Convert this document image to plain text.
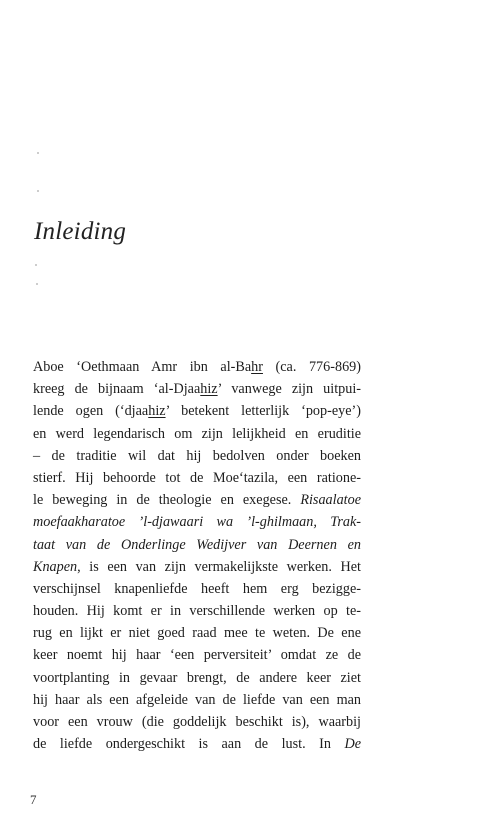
Inleiding
Aboe ‘Oethmaan Amr ibn al-Bahr (ca. 776-869)
kreeg de bijnaam ‘al-Djaahiz’ vanwege zijn uitpui-
lende ogen (‘djaahiz’ betekent letterlijk ‘pop-eye’)
en werd legendarisch om zijn lelijkheid en eruditie
– de traditie wil dat hij bedolven onder boeken
stierf. Hij behoorde tot de Moe‘tazila, een ratione-
le beweging in de theologie en exegese. Risaalatoe
moefaakharatoe ’l-djawaari wa ’l-ghilmaan, Trak-
taat van de Onderlinge Wedijver van Deernen en
Knapen, is een van zijn vermakelijkste werken. Het
verschijnsel knapenliefde heeft hem erg bezigge-
houden. Hij komt er in verschillende werken op te-
rug en lijkt er niet goed raad mee te weten. De ene
keer noemt hij haar ‘een perversiteit’ omdat ze de
voortplanting in gevaar brengt, de andere keer ziet
hij haar als een afgeleide van de liefde van een man
voor een vrouw (die goddelijk beschikt is), waarbij
de liefde ondergeschikt is aan de lust. In De
7
